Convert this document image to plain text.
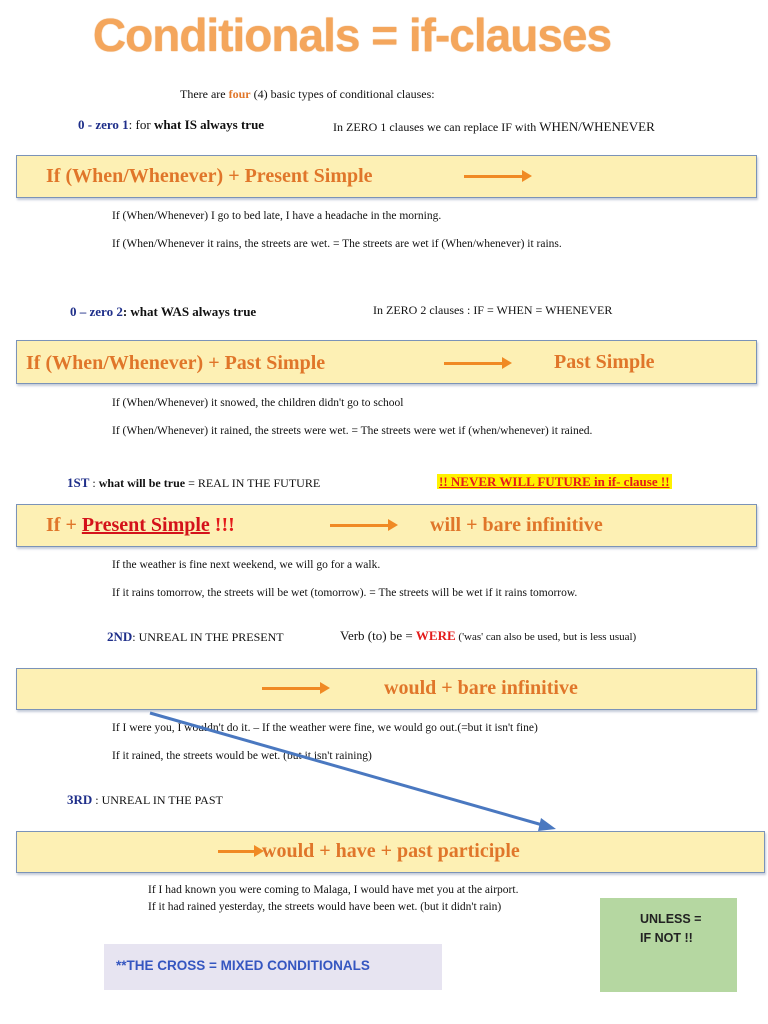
Conditionals = if-clauses
There are four (4) basic types of conditional clauses:
0 - zero 1: for what IS always true	In ZERO 1 clauses we can replace IF with WHEN/WHENEVER
If (When/Whenever) + Present Simple
If (When/Whenever) I go to bed late, I have a headache in the morning.
If (When/Whenever it rains, the streets are wet. = The streets are wet if (When/whenever) it rains.
0 – zero 2: what WAS always true	In ZERO 2 clauses : IF = WHEN = WHENEVER
If (When/Whenever) + Past Simple	Past Simple
If (When/Whenever) it snowed, the children didn't go to school
If (When/Whenever) it rained, the streets were wet. = The streets were wet if (when/whenever) it rained.
1ST : what will be true = REAL IN THE FUTURE	!! NEVER WILL FUTURE in if- clause !!
If + Present Simple !!!	will + bare infinitive
If the weather is fine next weekend, we will go for a walk.
If it rains tomorrow, the streets will be wet (tomorrow). = The streets will be wet if it rains tomorrow.
2ND: UNREAL IN THE PRESENT	Verb (to) be = WERE ('was' can also be used, but is less usual)
would + bare infinitive
If I were you, I wouldn't do it. – If the weather were fine, we would go out.(=but it isn't fine)
If it rained, the streets would be wet. (but it isn't raining)
3RD : UNREAL IN THE PAST
would + have + past participle
If I had known you were coming to Malaga, I would have met you at the airport.
If it had rained yesterday, the streets would have been wet. (but it didn't rain)
**THE CROSS = MIXED CONDITIONALS
UNLESS =
IF NOT !!
